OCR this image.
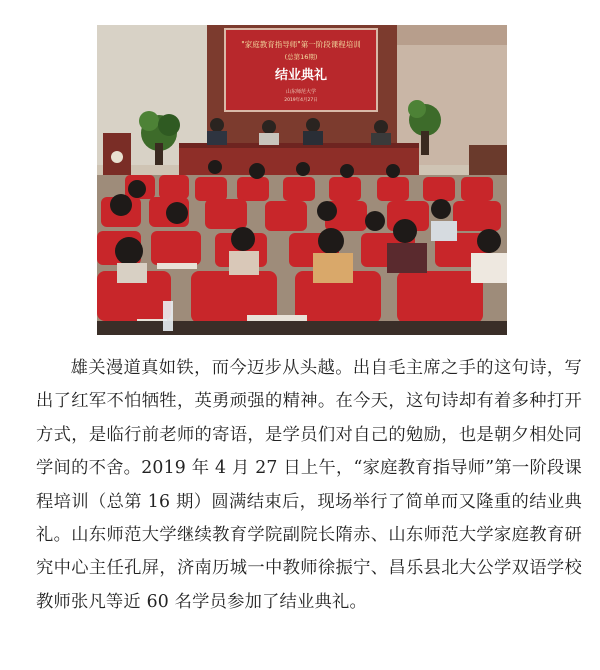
"家庭教育指导师"第一阶段课程培训
(总第16期)
结业典礼
山东师范大学
2019年4月27日

雄关漫道真如铁，而今迈步从头越。出自毛主席之手的这句诗，写出了红军不怕牺牲，英勇顽强的精神。在今天，这句诗却有着多种打开方式，是临行前老师的寄语，是学员们对自己的勉励，也是朝夕相处同学间的不舍。2019 年 4 月 27 日上午，“家庭教育指导师”第一阶段课程培训（总第 16 期）圆满结束后，现场举行了简单而又隆重的结业典礼。山东师范大学继续教育学院副院长隋赤、山东师范大学家庭教育研究中心主任孔屏，济南历城一中教师徐振宁、昌乐县北大公学双语学校教师张凡等近 60 名学员参加了结业典礼。
